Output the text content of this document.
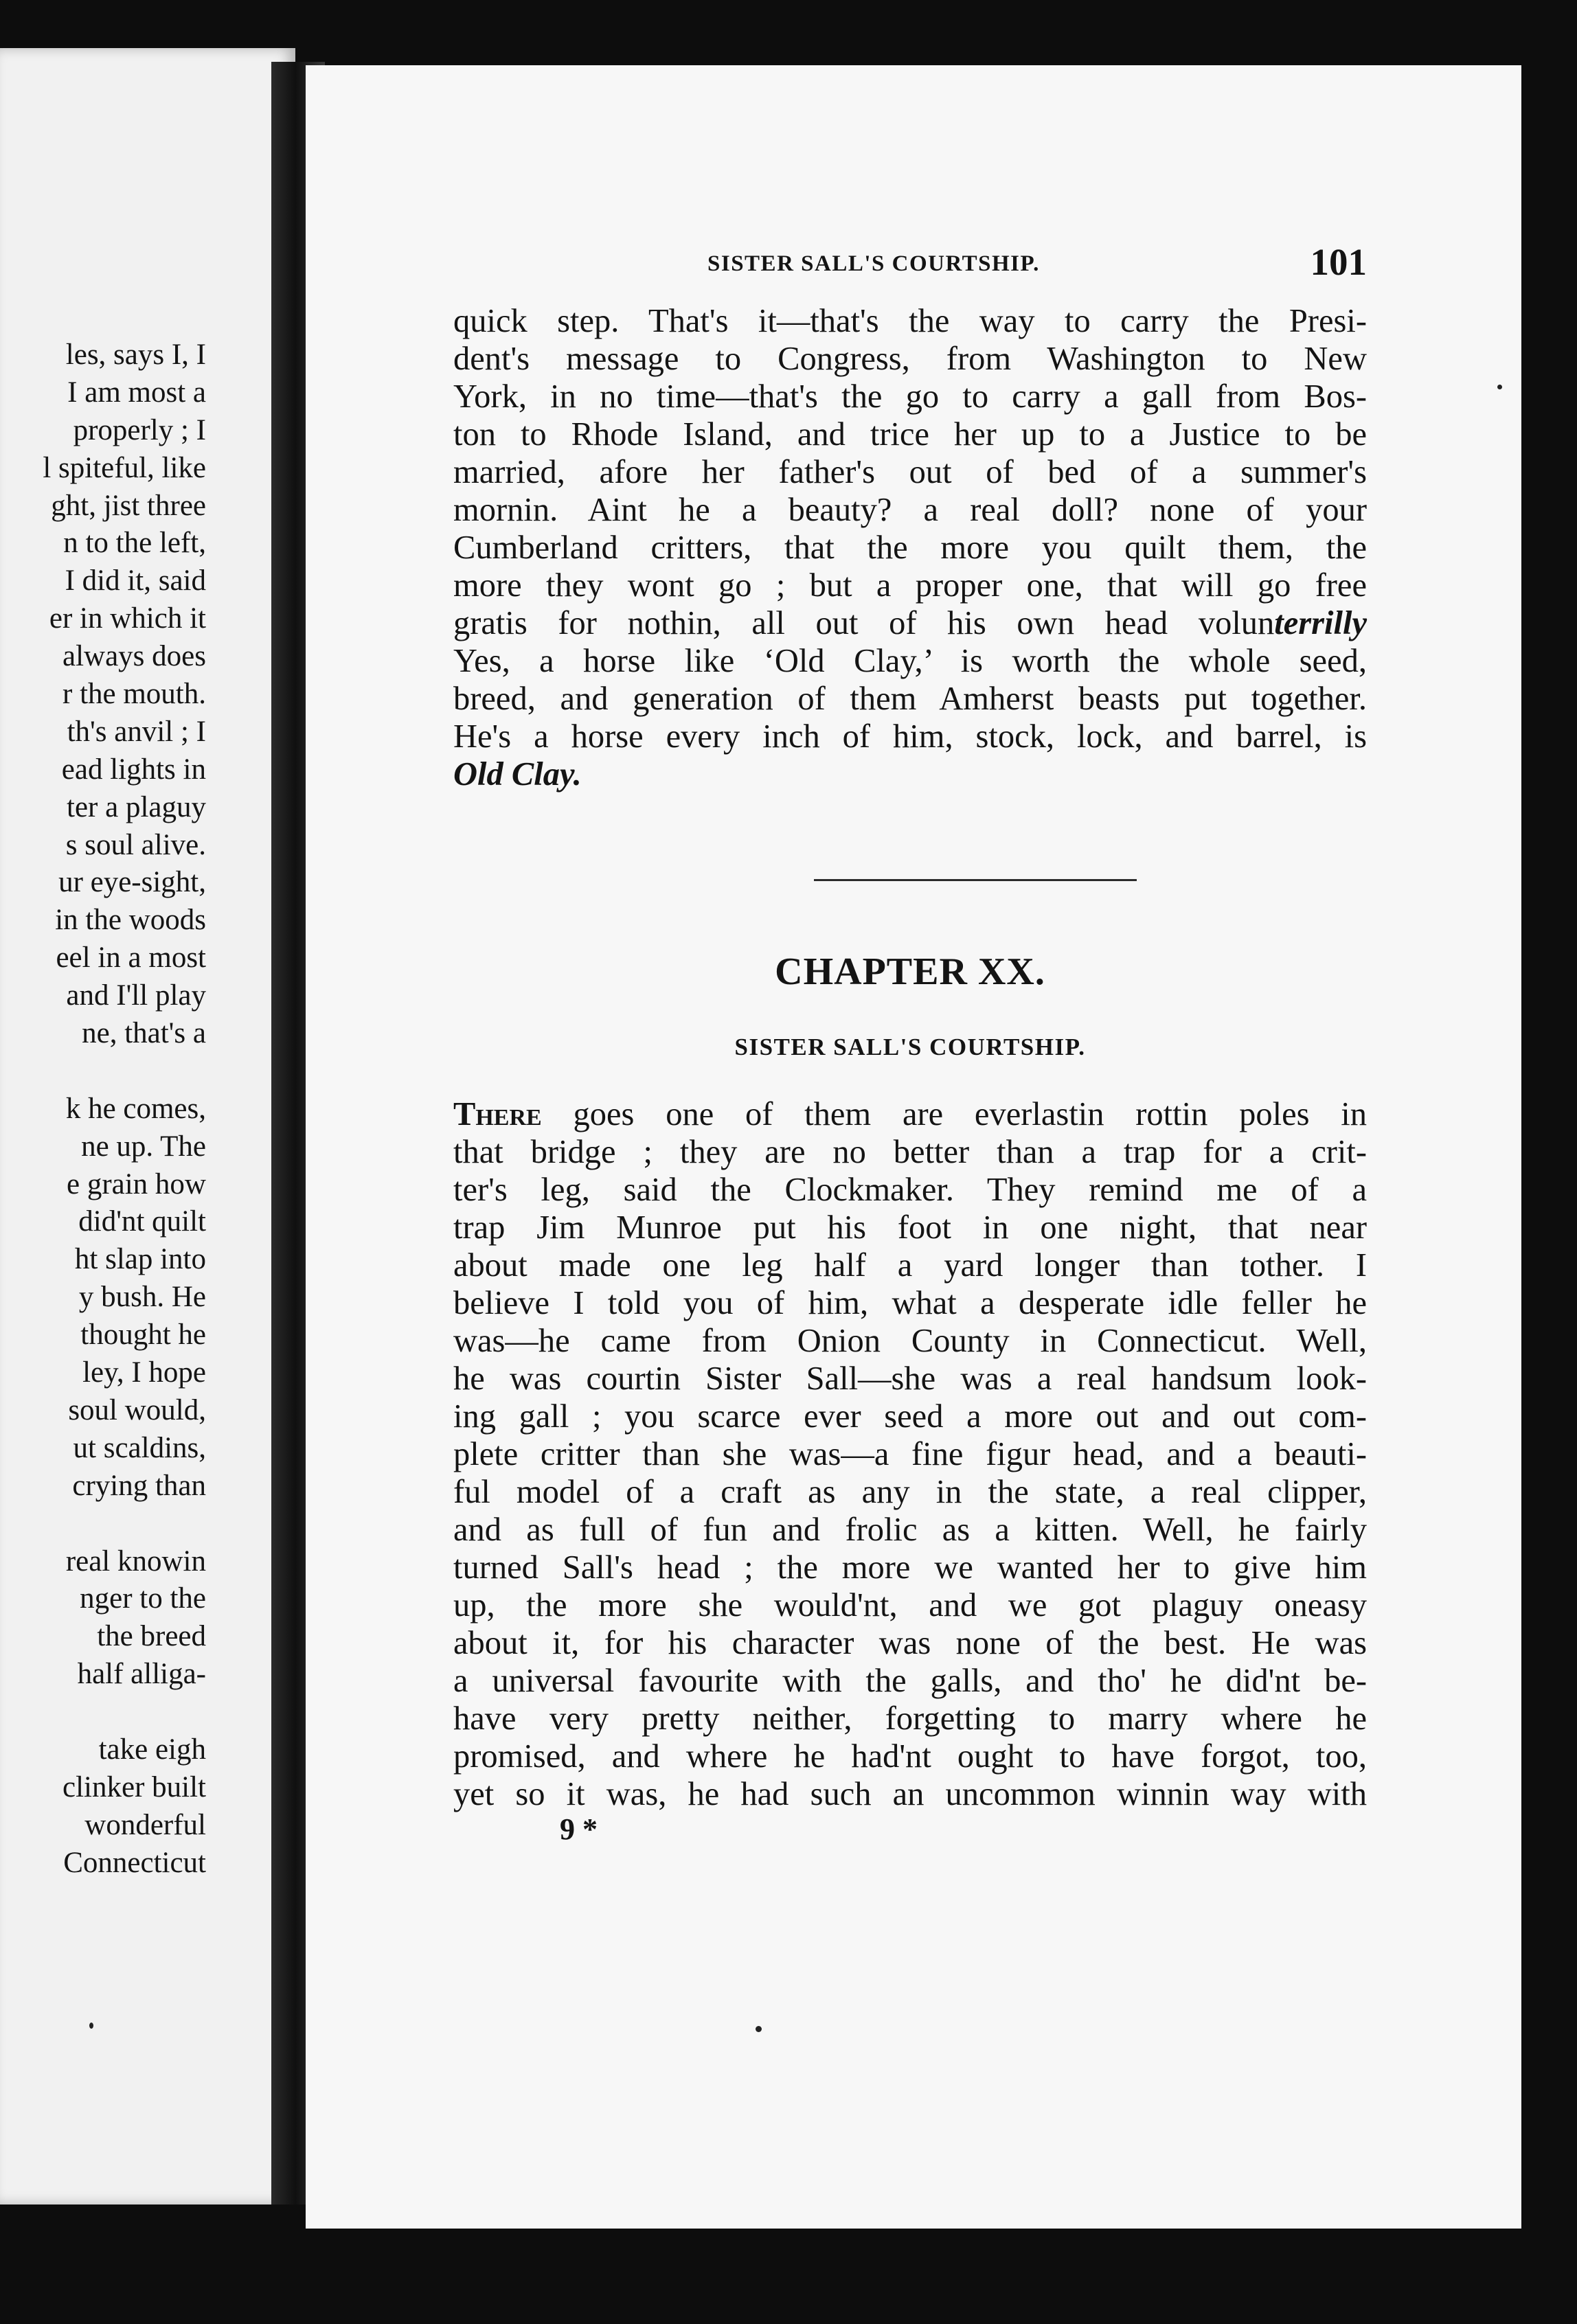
les, says I, I
I am most a
properly ; I
l spiteful, like
ght, jist three
n to the left,
I did it, said
er in which it
always does
r the mouth.
th's anvil ; I
ead lights in
ter a plaguy
s soul alive.
ur eye-sight,
in the woods
eel in a most
and I'll play
ne, that's a
k he comes,
ne up. The
e grain how
did'nt quilt
ht slap into
y bush. He
thought he
ley, I hope
soul would,
ut scaldins,
crying than
real knowin
nger to the
the breed
half alliga-
take eigh
clinker built
wonderful
Connecticut
SISTER SALL'S COURTSHIP.	101
quick step. That's it—that's the way to carry the Presi-
dent's message to Congress, from Washington to New
York, in no time—that's the go to carry a gall from Bos-
ton to Rhode Island, and trice her up to a Justice to be
married, afore her father's out of bed of a summer's
mornin. Aint he a beauty? a real doll? none of your
Cumberland critters, that the more you quilt them, the
more they wont go ; but a proper one, that will go free
gratis for nothin, all out of his own head volunterrilly
Yes, a horse like ‘Old Clay,’ is worth the whole seed,
breed, and generation of them Amherst beasts put together.
He's a horse every inch of him, stock, lock, and barrel, is
Old Clay.
CHAPTER XX.
SISTER SALL'S COURTSHIP.
There goes one of them are everlastin rottin poles in
that bridge ; they are no better than a trap for a crit-
ter's leg, said the Clockmaker. They remind me of a
trap Jim Munroe put his foot in one night, that near
about made one leg half a yard longer than tother. I
believe I told you of him, what a desperate idle feller he
was—he came from Onion County in Connecticut. Well,
he was courtin Sister Sall—she was a real handsum look-
ing gall ; you scarce ever seed a more out and out com-
plete critter than she was—a fine figur head, and a beauti-
ful model of a craft as any in the state, a real clipper,
and as full of fun and frolic as a kitten. Well, he fairly
turned Sall's head ; the more we wanted her to give him
up, the more she would'nt, and we got plaguy oneasy
about it, for his character was none of the best. He was
a universal favourite with the galls, and tho' he did'nt be-
have very pretty neither, forgetting to marry where he
promised, and where he had'nt ought to have forgot, too,
yet so it was, he had such an uncommon winnin way with
9 *
